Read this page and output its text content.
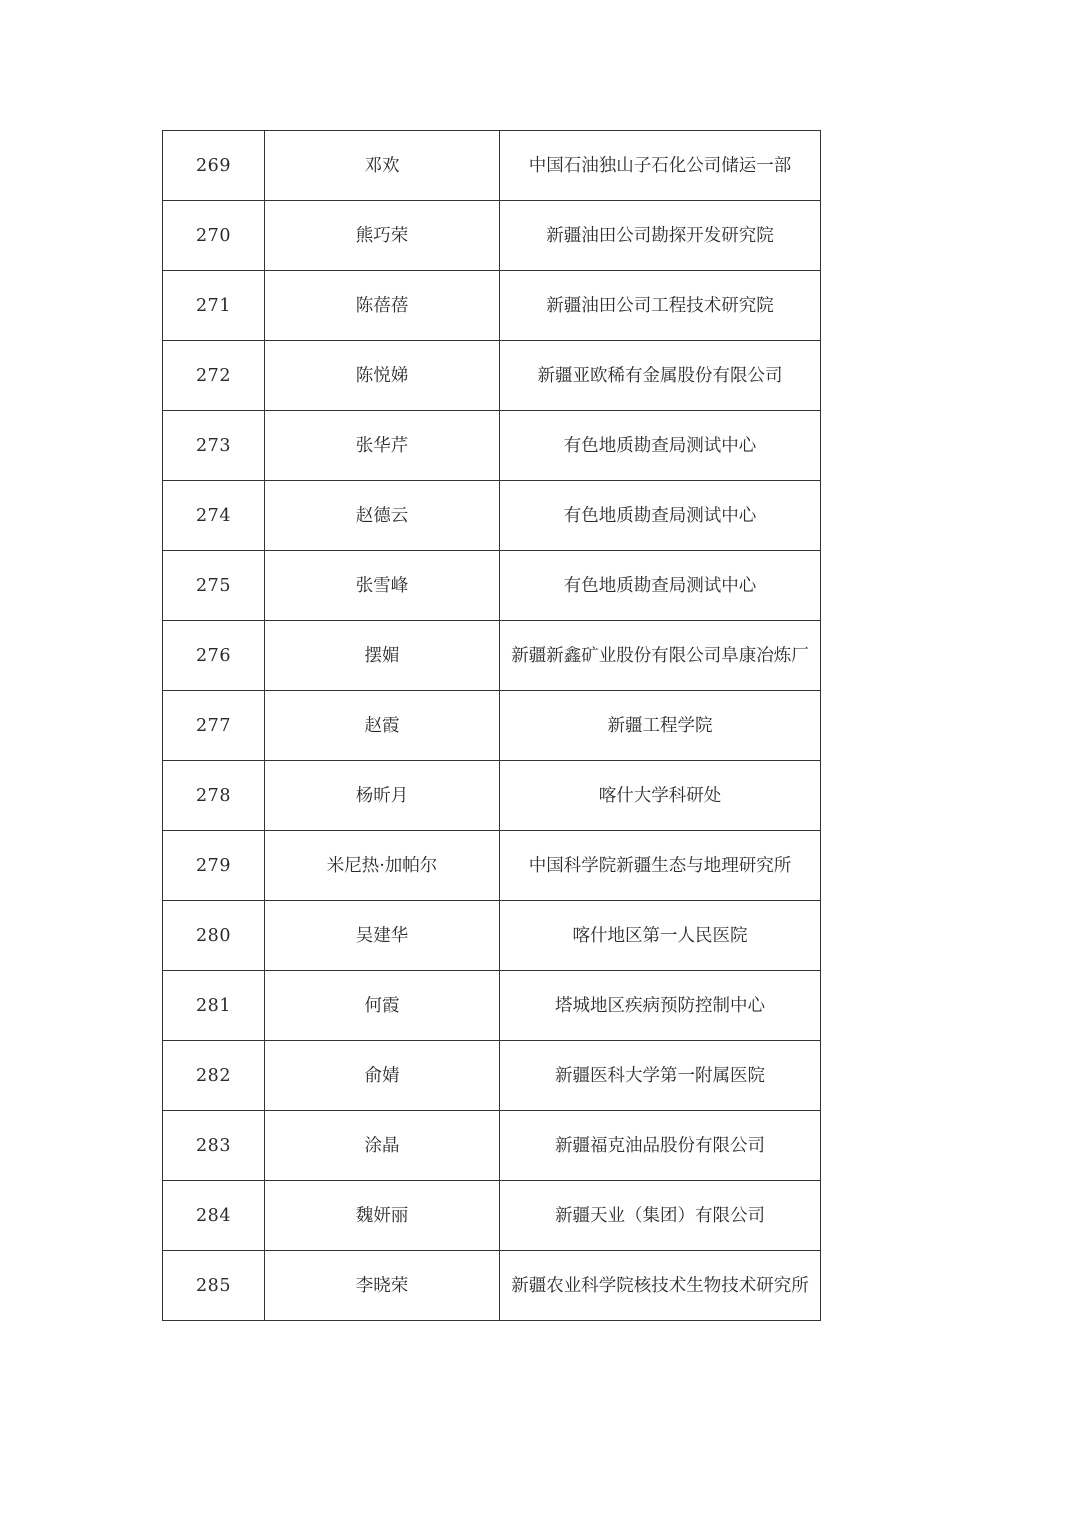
269	邓欢	中国石油独山子石化公司储运一部
270	熊巧荣	新疆油田公司勘探开发研究院
271	陈蓓蓓	新疆油田公司工程技术研究院
272	陈悦娣	新疆亚欧稀有金属股份有限公司
273	张华芹	有色地质勘查局测试中心
274	赵德云	有色地质勘查局测试中心
275	张雪峰	有色地质勘查局测试中心
276	摆媚	新疆新鑫矿业股份有限公司阜康冶炼厂
277	赵霞	新疆工程学院
278	杨昕月	喀什大学科研处
279	米尼热·加帕尔	中国科学院新疆生态与地理研究所
280	吴建华	喀什地区第一人民医院
281	何霞	塔城地区疾病预防控制中心
282	俞婧	新疆医科大学第一附属医院
283	涂晶	新疆福克油品股份有限公司
284	魏妍丽	新疆天业（集团）有限公司
285	李晓荣	新疆农业科学院核技术生物技术研究所
